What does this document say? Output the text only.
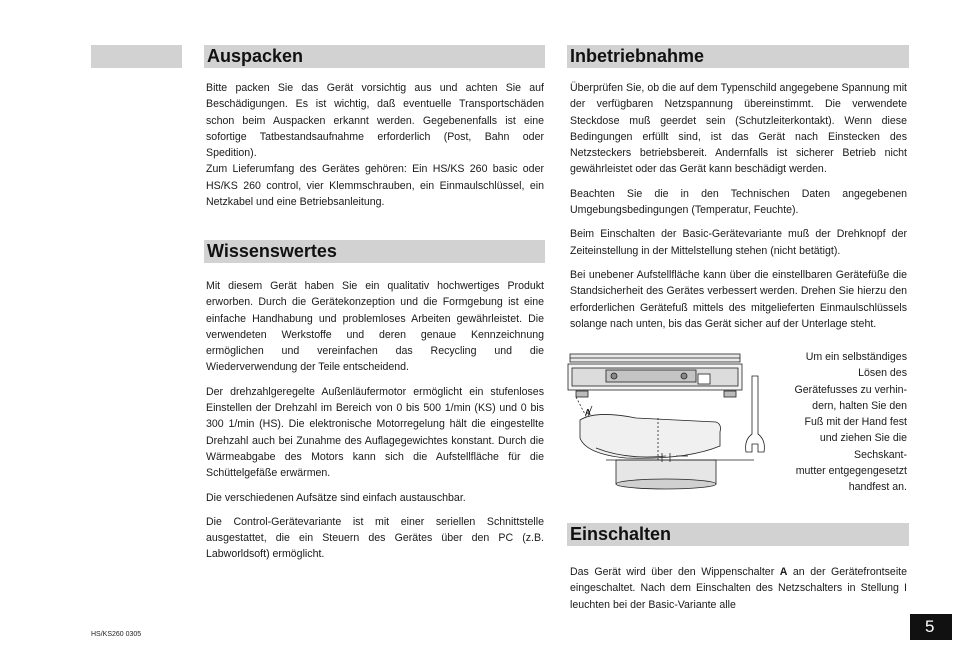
Auspacken

Bitte packen Sie das Gerät vorsichtig aus und achten Sie auf Beschädigungen. Es ist wichtig, daß eventuelle Transportschäden schon beim Auspacken erkannt werden. Gegebenenfalls ist eine sofortige Tatbestandsaufnahme erforderlich (Post, Bahn oder Spedition).

Zum Lieferumfang des Gerätes gehören: Ein HS/KS 260 basic oder HS/KS 260 control, vier Klemmschrauben, ein Einmaulschlüssel, ein Netzkabel und eine Betriebsanleitung.

Wissenswertes

Mit diesem Gerät haben Sie ein qualitativ hochwertiges Produkt erworben. Durch die Gerätekonzeption und die Formgebung ist eine einfache Handhabung und problemloses Arbeiten gewährleistet. Die verwendeten Werkstoffe und deren genaue Kennzeichnung ermöglichen und vereinfachen das Recycling und die Wiederverwendung der Teile entscheidend.

Der drehzahlgeregelte Außenläufermotor ermöglicht ein stufenloses Einstellen der Drehzahl im Bereich von 0 bis 500 1/min (KS) und 0 bis 300 1/min (HS). Die elektronische Motorregelung hält die eingestellte Drehzahl auch bei Zunahme des Auflagegewichtes konstant. Durch die Wärmeabgabe des Motors kann sich die Aufstellfläche für die Schüttelgefäße erwärmen.

Die verschiedenen Aufsätze sind einfach austauschbar.

Die Control-Gerätevariante ist mit einer seriellen Schnittstelle ausgestattet, die ein Steuern des Gerätes über den PC (z.B. Labworldsoft) ermöglicht.

Inbetriebnahme

Überprüfen Sie, ob die auf dem Typenschild angegebene Spannung mit der verfügbaren Netzspannung übereinstimmt. Die verwendete Steckdose muß geerdet sein (Schutzleiterkontakt). Wenn diese Bedingungen erfüllt sind, ist das Gerät nach Einstecken des Netzsteckers betriebsbereit. Andernfalls ist sicherer Betrieb nicht gewährleistet oder das Gerät kann beschädigt werden.

Beachten Sie die in den Technischen Daten angegebenen Umgebungsbedingungen (Temperatur, Feuchte).

Beim Einschalten der Basic-Gerätevariante muß der Drehknopf der Zeiteinstellung in der Mittelstellung stehen (nicht betätigt).

Bei unebener Aufstellfläche kann über die einstellbaren Gerätefüße die Standsicherheit des Gerätes verbessert werden. Drehen Sie hierzu den erforderlichen Gerätefuß mittels des mitgelieferten Einmaulschlüssels solange nach unten, bis das Gerät sicher auf der Unterlage steht.

A
Um ein selbständiges
Lösen des
Gerätefusses zu verhin-
dern, halten Sie den
Fuß mit der Hand fest
und ziehen Sie die
Sechskant-
mutter entgegengesetzt
handfest an.
Einschalten

Das Gerät wird über den Wippenschalter A an der Gerätefrontseite eingeschaltet. Nach dem Einschalten des Netzschalters in Stellung I leuchten bei der Basic-Variante alle

HS/KS260 0305	5
